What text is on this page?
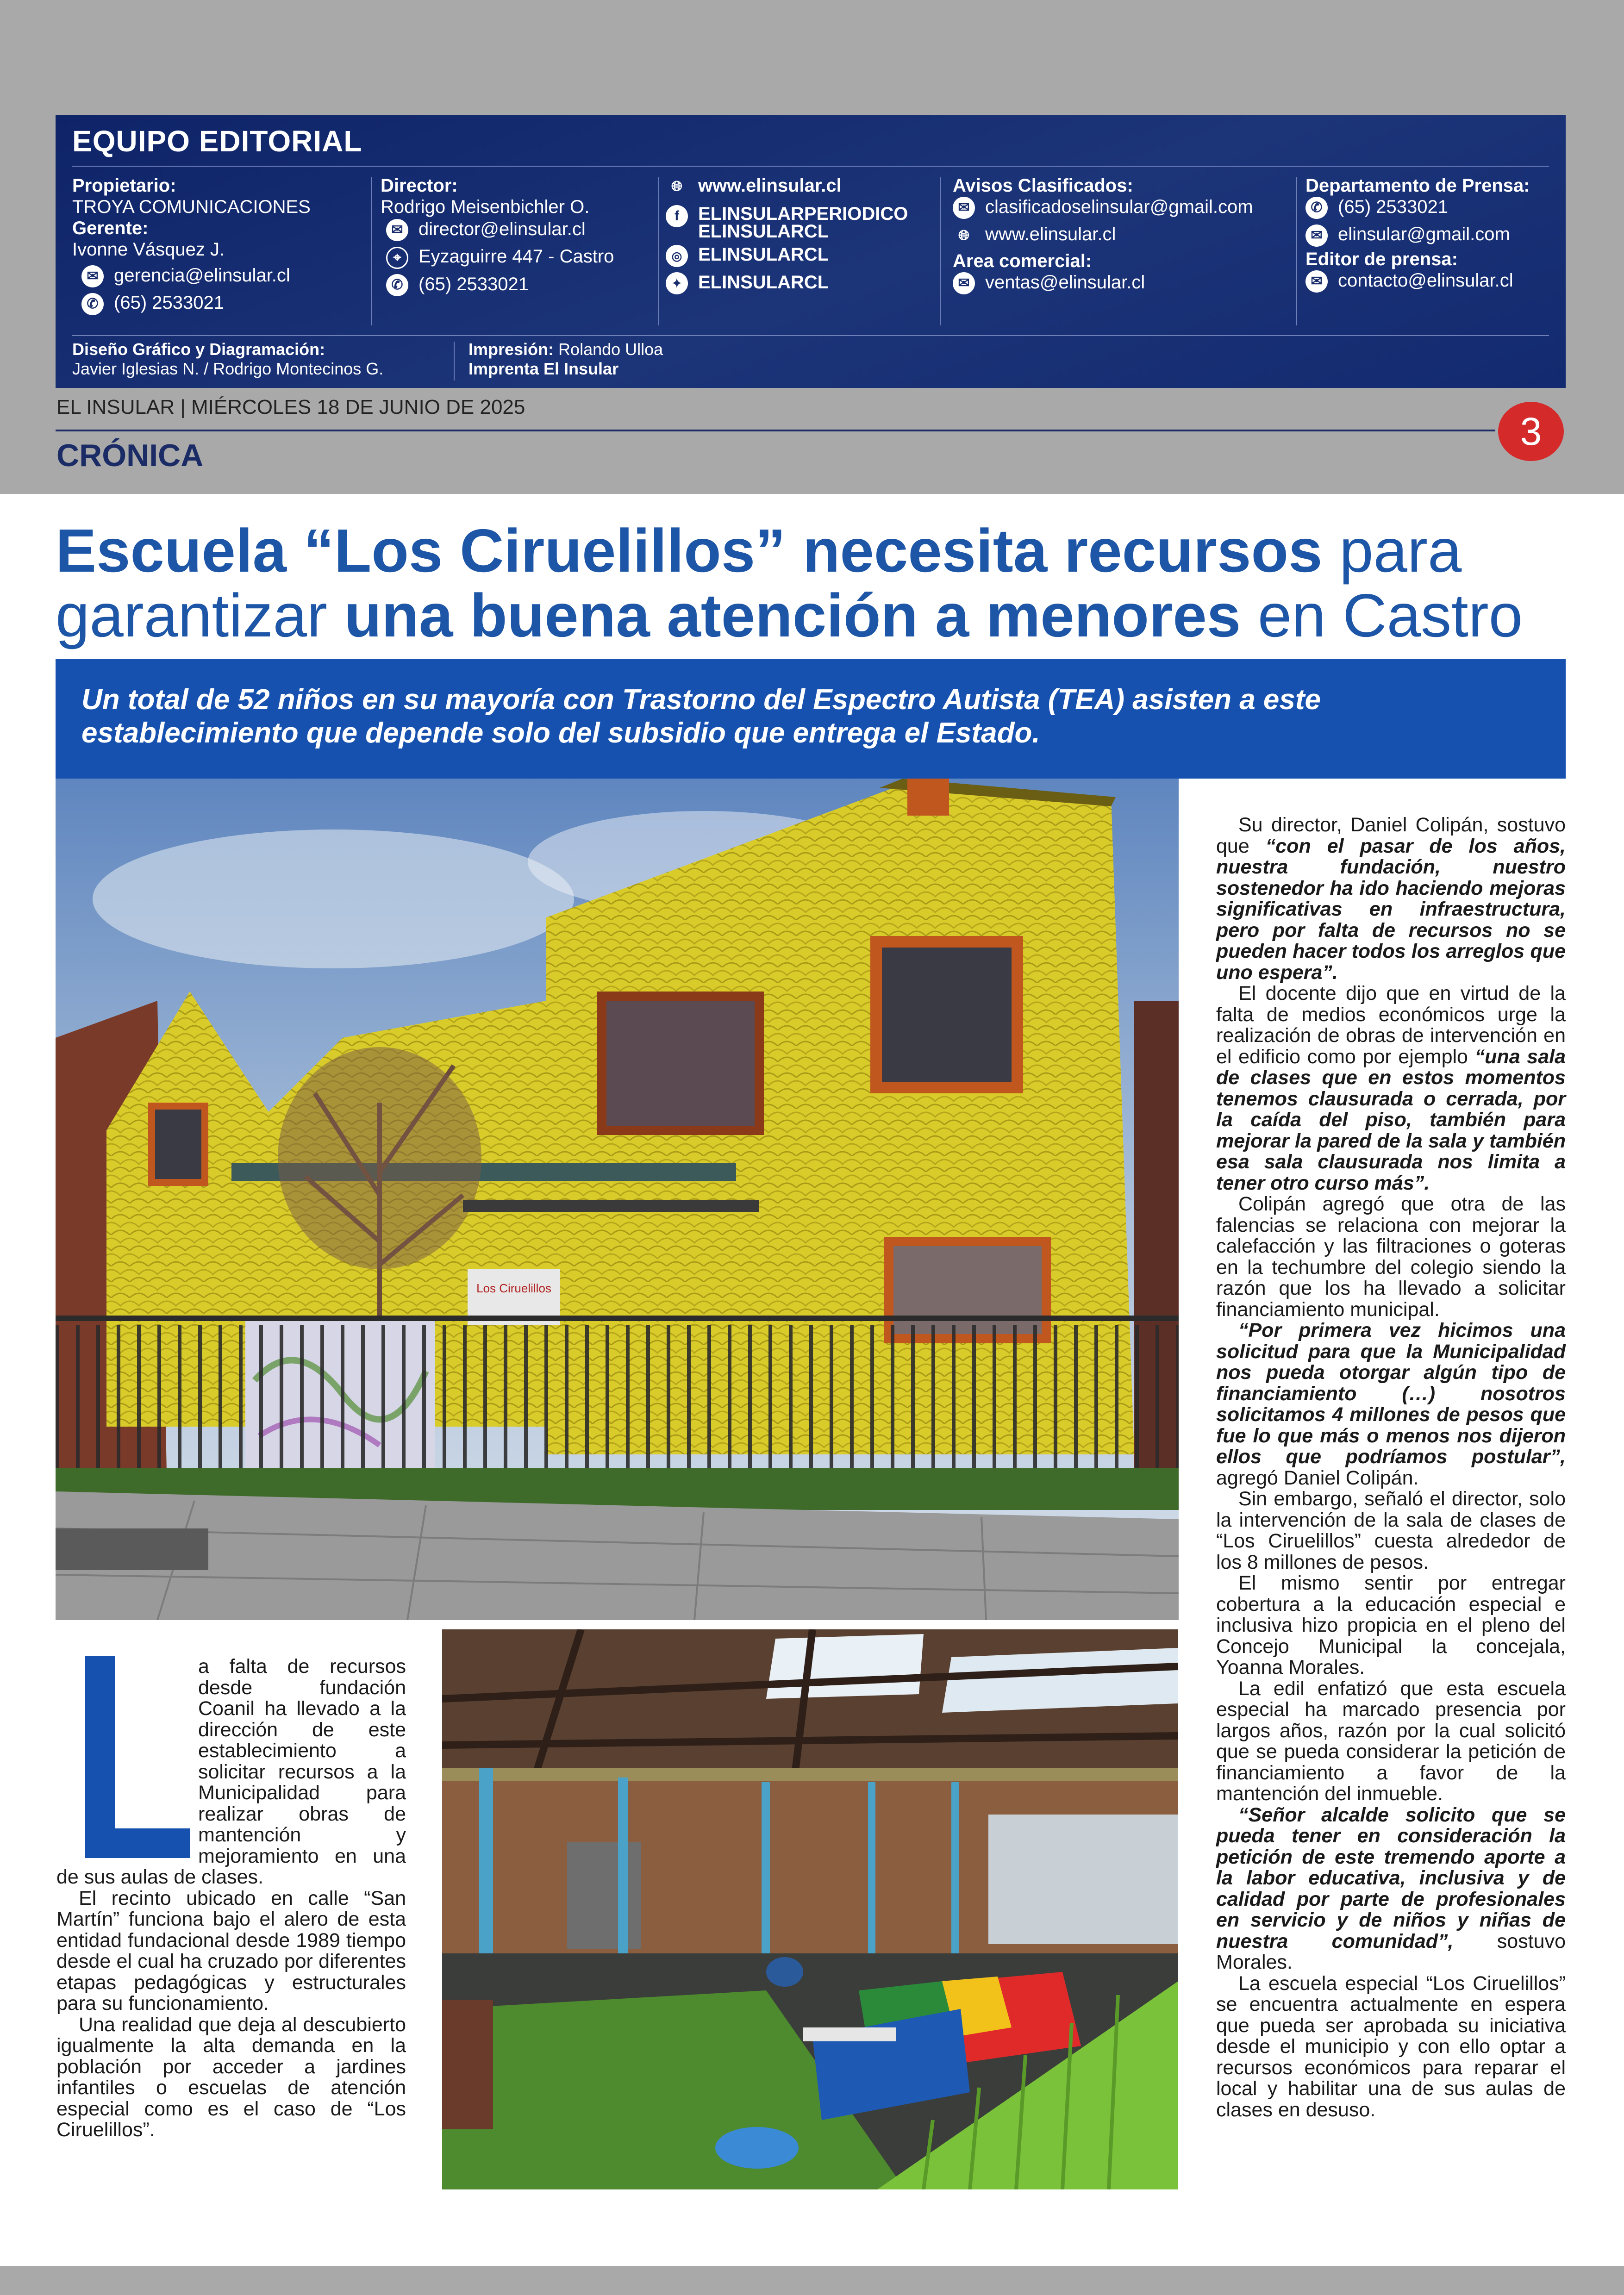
EQUIPO EDITORIAL
Propietario:
TROYA COMUNICACIONES
Gerente:
Ivonne Vásquez J.
✉ gerencia@elinsular.cl
✆ (65) 2533021
Director:
Rodrigo Meisenbichler O.
✉ director@elinsular.cl
⌖ Eyzaguirre 447 - Castro
✆ (65) 2533021
🌐︎ www.elinsular.cl
f ELINSULARPERIODICO
ELINSULARCL
◎ ELINSULARCL
✦ ELINSULARCL
Avisos Clasificados:
✉ clasificadoselinsular@gmail.com
🌐︎ www.elinsular.cl
Area comercial:
✉ ventas@elinsular.cl
Departamento de Prensa:
✆ (65) 2533021
✉ elinsular@gmail.com
Editor de prensa:
✉ contacto@elinsular.cl
Diseño Gráfico y Diagramación:
Javier Iglesias N. / Rodrigo Montecinos G.
Impresión: Rolando Ulloa
Imprenta El Insular
EL INSULAR | MIÉRCOLES 18 DE JUNIO DE 2025
3
CRÓNICA
Escuela “Los Ciruelillos” necesita recursos para
garantizar una buena atención a menores en Castro
Un total de 52 niños en su mayoría con Trastorno del Espectro Autista (TEA) asisten a este establecimiento que depende solo del subsidio que entrega el Estado.
Los Ciruelillos

Su director, Daniel Colipán, sostuvo que “con el pasar de los años, nuestra fundación, nuestro sostenedor ha ido haciendo mejoras significativas en infraestructura, pero por falta de recursos no se pueden hacer todos los arreglos que uno espera”.

El docente dijo que en virtud de la falta de medios económicos urge la realización de obras de intervención en el edificio como por ejemplo “una sala de clases que en estos momentos tenemos clausurada o cerrada, por la caída del piso, también para mejorar la pared de la sala y también esa sala clausurada nos limita a tener otro curso más”.

Colipán agregó que otra de las falencias se relaciona con mejorar la calefacción y las filtraciones o goteras en la techumbre del colegio siendo la razón que los ha llevado a solicitar financiamiento municipal.

“Por primera vez hicimos una solicitud para que la Municipalidad nos pueda otorgar algún tipo de financiamiento (…) nosotros solicitamos 4 millones de pesos que fue lo que más o menos nos dijeron ellos que podríamos postular”, agregó Daniel Colipán.

Sin embargo, señaló el director, solo la intervención de la sala de clases de “Los Ciruelillos” cuesta alrededor de los 8 millones de pesos.

El mismo sentir por entregar cobertura a la educación especial e inclusiva hizo propicia en el pleno del Concejo Municipal la concejala, Yoanna Morales.

La edil enfatizó que esta escuela especial ha marcado presencia por largos años, razón por la cual solicitó que se pueda considerar la petición de financiamiento a favor de la mantención del inmueble.

“Señor alcalde solicito que se pueda tener en consideración la petición de este tremendo aporte a la labor educativa, inclusiva y de calidad por parte de profesionales en servicio y de niños y niñas de nuestra comunidad”, sostuvo Morales.

La escuela especial “Los Ciruelillos” se encuentra actualmente en espera que pueda ser aprobada su iniciativa desde el municipio y con ello optar a recursos económicos para reparar el local y habilitar una de sus aulas de clases en desuso.

a falta de recursos desde fundación Coanil ha llevado a la dirección de este establecimiento a solicitar recursos a la Municipalidad para realizar obras de mantención y mejoramiento en una de sus aulas de clases.

El recinto ubicado en calle “San Martín” funciona bajo el alero de esta entidad fundacional desde 1989 tiempo desde el cual ha cruzado por diferentes etapas pedagógicas y estructurales para su funcionamiento.

Una realidad que deja al descubierto igualmente la alta demanda en la población por acceder a jardines infantiles o escuelas de atención especial como es el caso de “Los Ciruelillos”.
